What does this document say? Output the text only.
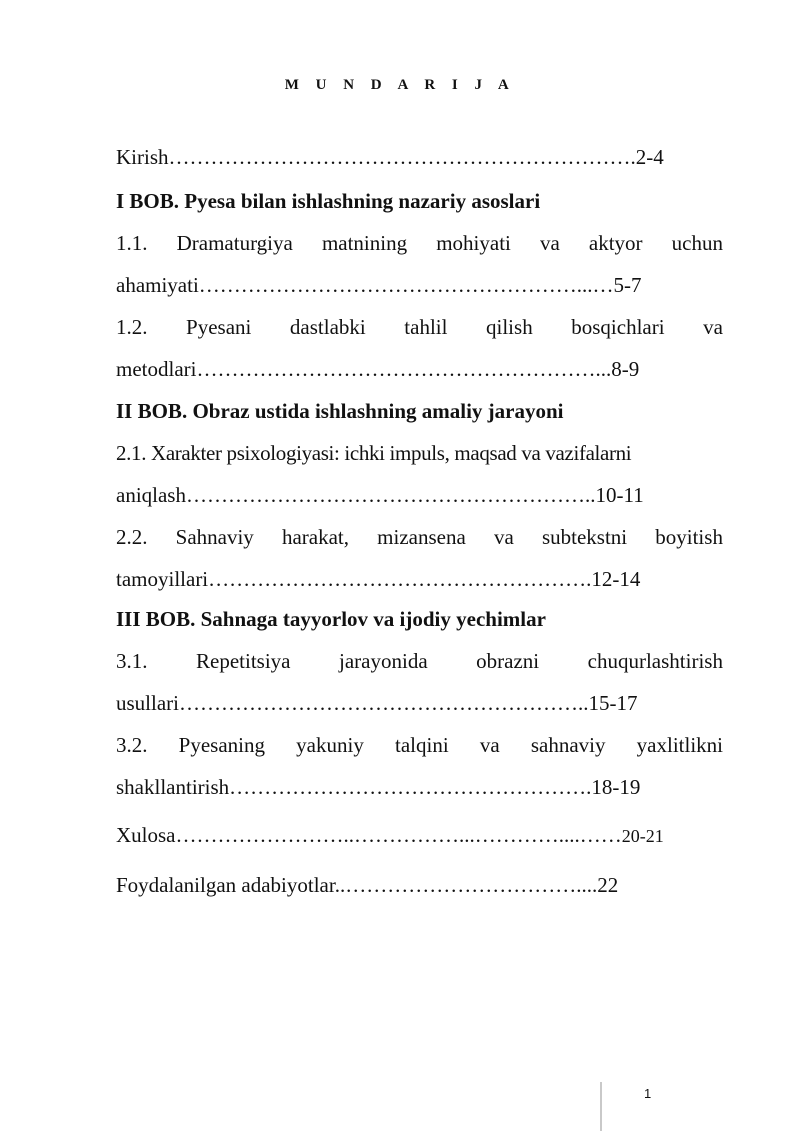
M U N D A R I J A
Kirish………………………………………………………….2-4
I BOB. Pyesa bilan ishlashning nazariy asoslari
1.1. Dramaturgiya matnining mohiyati va aktyor uchun
ahamiyati………………………………………………...…5-7
1.2. Pyesani dastlabki tahlil qilish bosqichlari va
metodlari…………………………………………………...8-9
II BOB. Obraz ustida ishlashning amaliy jarayoni
2.1. Xarakter psixologiyasi: ichki impuls, maqsad va vazifalarni
aniqlash…………………………………………………..10-11
2.2. Sahnaviy harakat, mizansena va subtekstni boyitish
tamoyillari……………………………………………….12-14
III BOB. Sahnaga tayyorlov va ijodiy yechimlar
3.1. Repetitsiya jarayonida obrazni chuqurlashtirish
usullari…………………………………………………..15-17
3.2. Pyesaning yakuniy talqini va sahnaviy yaxlitlikni
shakllantirish…………………………………………….18-19
Xulosa……………………..……………...…………....……20-21
Foydalanilgan adabiyotlar..……………………………....22
1
